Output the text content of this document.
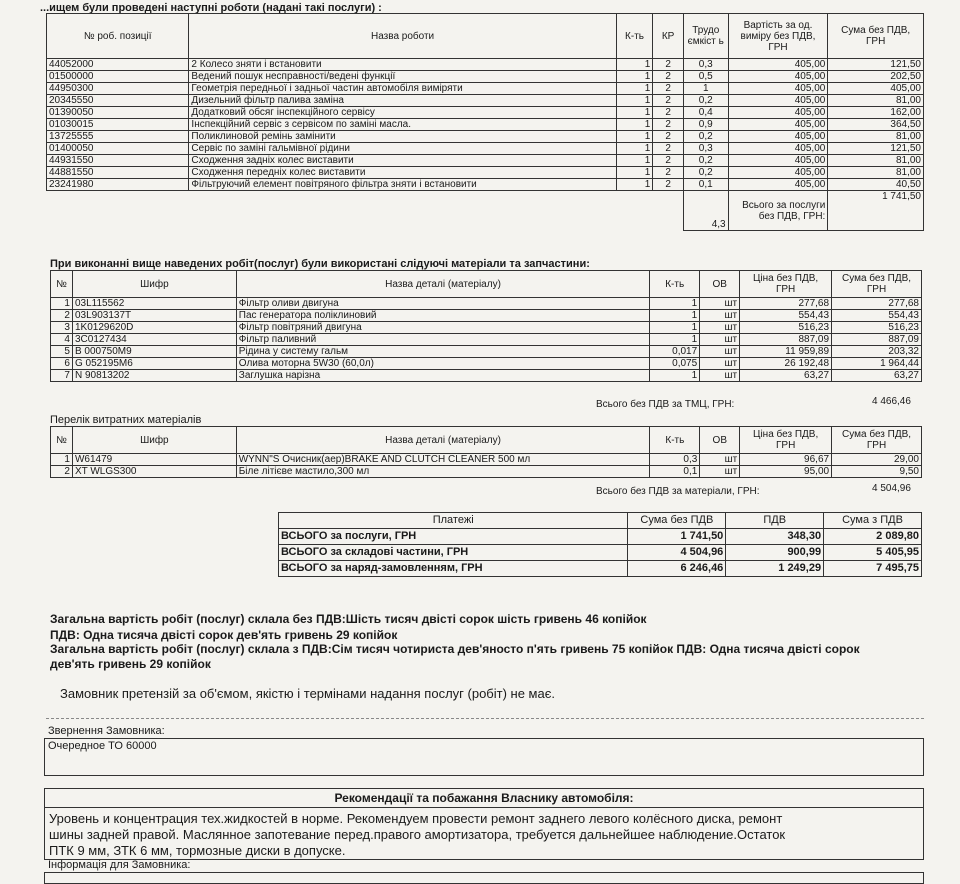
...ищем були проведені наступні роботи (надані такі послуги) :
№ роб. позиції	Назва роботи	К-ть	КР	Трудо ємкіст ь	Вартість за од. виміру без ПДВ, ГРН	Сума без ПДВ, ГРН
44052000	2 Колесо зняти і встановити	1	2	0,3	405,00	121,50
01500000	Ведений пошук несправності/ведені функції	1	2	0,5	405,00	202,50
44950300	Геометрія передньої і задньої частин автомобіля виміряти	1	2	1	405,00	405,00
20345550	Дизельний фільтр палива заміна	1	2	0,2	405,00	81,00
01390050	Додатковий обсяг інспекційного сервісу	1	2	0,4	405,00	162,00
01030015	Інспекційний сервіс з сервісом по заміні масла.	1	2	0,9	405,00	364,50
13725555	Поликлиновой ремінь замінити	1	2	0,2	405,00	81,00
01400050	Сервіс по заміні гальмівної рідини	1	2	0,3	405,00	121,50
44931550	Сходження задніх колес виставити	1	2	0,2	405,00	81,00
44881550	Сходження передніх колес виставити	1	2	0,2	405,00	81,00
23241980	Фільтруючий елемент повітряного фільтра зняти і встановити	1	2	0,1	405,00	40,50
				4,3	Всього за послуги без ПДВ, ГРН:	1 741,50
При виконанні вище наведених робіт(послуг) були використані слідуючі матеріали та запчастини:
№	Шифр	Назва деталі (матеріалу)	К-ть	ОВ	Ціна без ПДВ, ГРН	Сума без ПДВ, ГРН
1	03L115562	Фільтр оливи двигуна	1	шт	277,68	277,68
2	03L903137T	Пас генератора поліклиновий	1	шт	554,43	554,43
3	1K0129620D	Фільтр повітряний двигуна	1	шт	516,23	516,23
4	3C0127434	Фільтр паливний	1	шт	887,09	887,09
5	B 000750M9	Рідина у систему гальм	0,017	шт	11 959,89	203,32
6	G 052195M6	Олива моторна 5W30 (60,0л)	0,075	шт	26 192,48	1 964,44
7	N 90813202	Заглушка нарізна	1	шт	63,27	63,27
Всього без ПДВ за ТМЦ, ГРН:	4 466,46
Перелік витратних матеріалів
№	Шифр	Назва деталі (матеріалу)	К-ть	ОВ	Ціна без ПДВ, ГРН	Сума без ПДВ, ГРН
1	W61479	WYNN"S Очисник(аер)BRAKE AND CLUTCH CLEANER 500 мл	0,3	шт	96,67	29,00
2	XT WLGS300	Біле літієве мастило,300 мл	0,1	шт	95,00	9,50
Всього без ПДВ за матеріали, ГРН:	4 504,96
Платежі	Сума без ПДВ	ПДВ	Сума з ПДВ
ВСЬОГО за послуги, ГРН	1 741,50	348,30	2 089,80
ВСЬОГО за складові частини, ГРН	4 504,96	900,99	5 405,95
ВСЬОГО за наряд-замовленням, ГРН	6 246,46	1 249,29	7 495,75
Загальна вартість робіт (послуг) склала без ПДВ:Шість тисяч двісті сорок шість гривень 46 копійок
ПДВ: Одна тисяча двісті сорок дев'ять гривень 29 копійок
Загальна вартість робіт (послуг) склала з ПДВ:Сім тисяч чотириста дев'яносто п'ять гривень 75 копійок ПДВ: Одна тисяча двісті сорок
дев'ять гривень 29 копійок
Замовник претензій за об'ємом, якістю і термінами надання послуг (робіт) не має.
Звернення Замовника:
Очередное ТО 60000
Рекомендації та побажання Власнику автомобіля:
Уровень и концентрация тех.жидкостей в норме. Рекомендуем провести ремонт заднего левого колёсного диска, ремонт
шины задней правой. Маслянное запотевание перед.правого амортизатора, требуется дальнейшее наблюдение.Остаток
ПТК 9 мм, ЗТК 6 мм, тормозные диски в допуске.
Інформація для Замовника:
